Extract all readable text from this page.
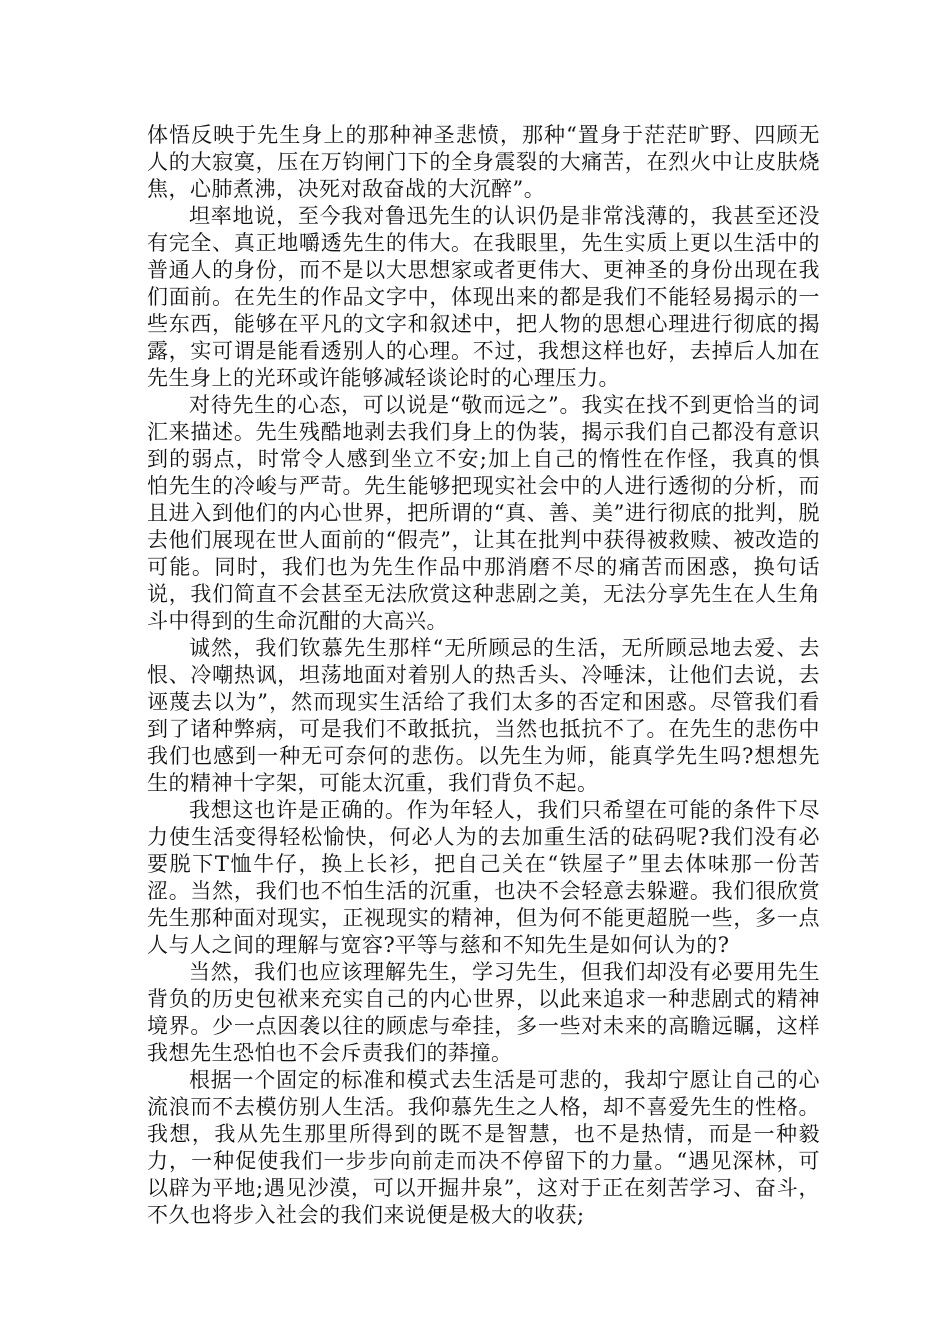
体悟反映于先生身上的那种神圣悲愤，那种“置身于茫茫旷野、四顾无人的大寂寞，压在万钧闸门下的全身震裂的大痛苦，在烈火中让皮肤烧焦，心肺煮沸，决死对敌奋战的大沉醉”。

坦率地说，至今我对鲁迅先生的认识仍是非常浅薄的，我甚至还没有完全、真正地嚼透先生的伟大。在我眼里，先生实质上更以生活中的普通人的身份，而不是以大思想家或者更伟大、更神圣的身份出现在我们面前。在先生的作品文字中，体现出来的都是我们不能轻易揭示的一些东西，能够在平凡的文字和叙述中，把人物的思想心理进行彻底的揭露，实可谓是能看透别人的心理。不过，我想这样也好，去掉后人加在先生身上的光环或许能够减轻谈论时的心理压力。

对待先生的心态，可以说是“敬而远之”。我实在找不到更恰当的词汇来描述。先生残酷地剥去我们身上的伪装，揭示我们自己都没有意识到的弱点，时常令人感到坐立不安;加上自己的惰性在作怪，我真的惧怕先生的冷峻与严苛。先生能够把现实社会中的人进行透彻的分析，而且进入到他们的内心世界，把所谓的“真、善、美”进行彻底的批判，脱去他们展现在世人面前的“假壳”，让其在批判中获得被救赎、被改造的可能。同时，我们也为先生作品中那消磨不尽的痛苦而困惑，换句话说，我们简直不会甚至无法欣赏这种悲剧之美，无法分享先生在人生角斗中得到的生命沉酣的大高兴。

诚然，我们钦慕先生那样“无所顾忌的生活，无所顾忌地去爱、去恨、冷嘲热讽，坦荡地面对着别人的热舌头、冷唾沫，让他们去说，去诬蔑去以为”，然而现实生活给了我们太多的否定和困惑。尽管我们看到了诸种弊病，可是我们不敢抵抗，当然也抵抗不了。在先生的悲伤中我们也感到一种无可奈何的悲伤。以先生为师，能真学先生吗?想想先生的精神十字架，可能太沉重，我们背负不起。

我想这也许是正确的。作为年轻人，我们只希望在可能的条件下尽力使生活变得轻松愉快，何必人为的去加重生活的砝码呢?我们没有必要脱下T恤牛仔，换上长衫，把自己关在“铁屋子”里去体味那一份苦涩。当然，我们也不怕生活的沉重，也决不会轻意去躲避。我们很欣赏先生那种面对现实，正视现实的精神，但为何不能更超脱一些，多一点人与人之间的理解与宽容?平等与慈和不知先生是如何认为的?

当然，我们也应该理解先生，学习先生，但我们却没有必要用先生背负的历史包袱来充实自己的内心世界，以此来追求一种悲剧式的精神境界。少一点因袭以往的顾虑与牵挂，多一些对未来的高瞻远瞩，这样我想先生恐怕也不会斥责我们的莽撞。

根据一个固定的标准和模式去生活是可悲的，我却宁愿让自己的心流浪而不去模仿别人生活。我仰慕先生之人格，却不喜爱先生的性格。我想，我从先生那里所得到的既不是智慧，也不是热情，而是一种毅力，一种促使我们一步步向前走而决不停留下的力量。“遇见深林，可以辟为平地;遇见沙漠，可以开掘井泉”，这对于正在刻苦学习、奋斗，不久也将步入社会的我们来说便是极大的收获;
